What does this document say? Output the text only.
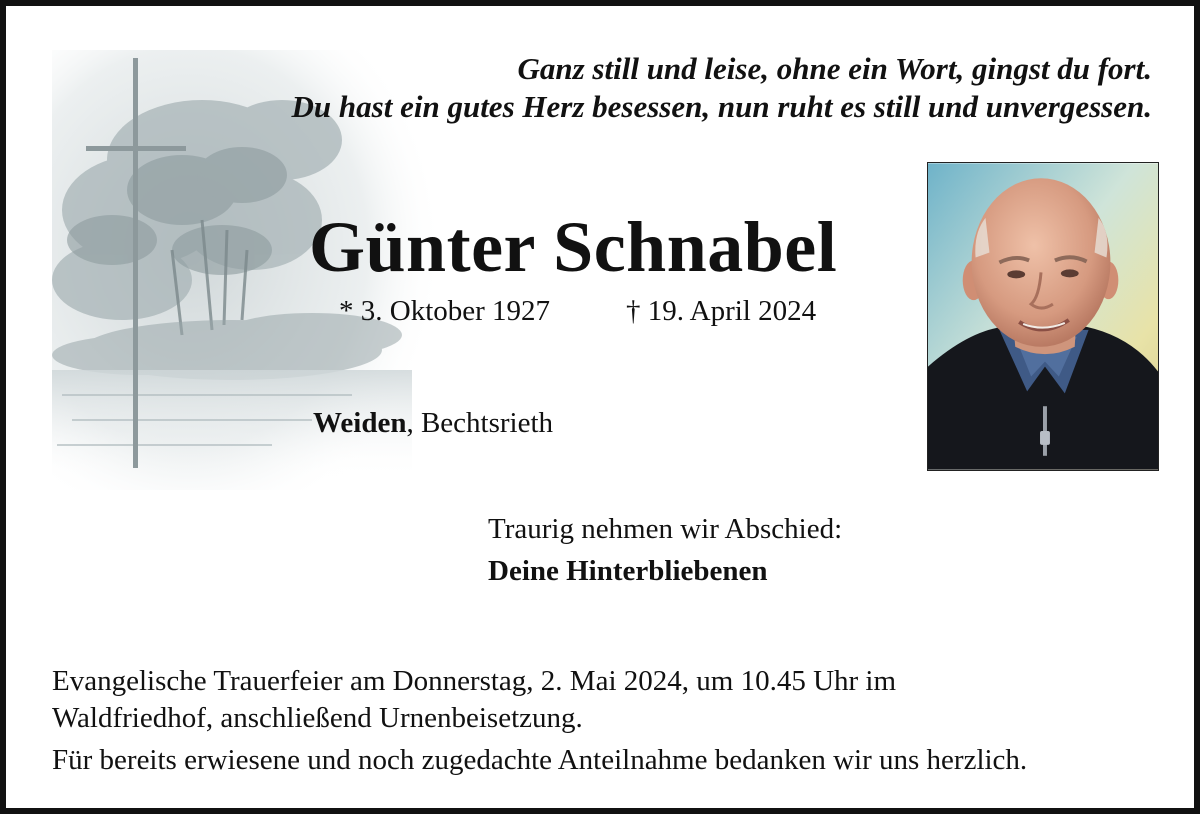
Ganz still und leise, ohne ein Wort, gingst du fort.
Du hast ein gutes Herz besessen, nun ruht es still und unvergessen.
Günter Schnabel
* 3. Oktober 1927	† 19. April 2024
Weiden, Bechtsrieth
Traurig nehmen wir Abschied:
Deine Hinterbliebenen
Evangelische Trauerfeier am Donnerstag, 2. Mai 2024, um 10.45 Uhr im
Waldfriedhof, anschließend Urnenbeisetzung.
Für bereits erwiesene und noch zugedachte Anteilnahme bedanken wir uns herzlich.
